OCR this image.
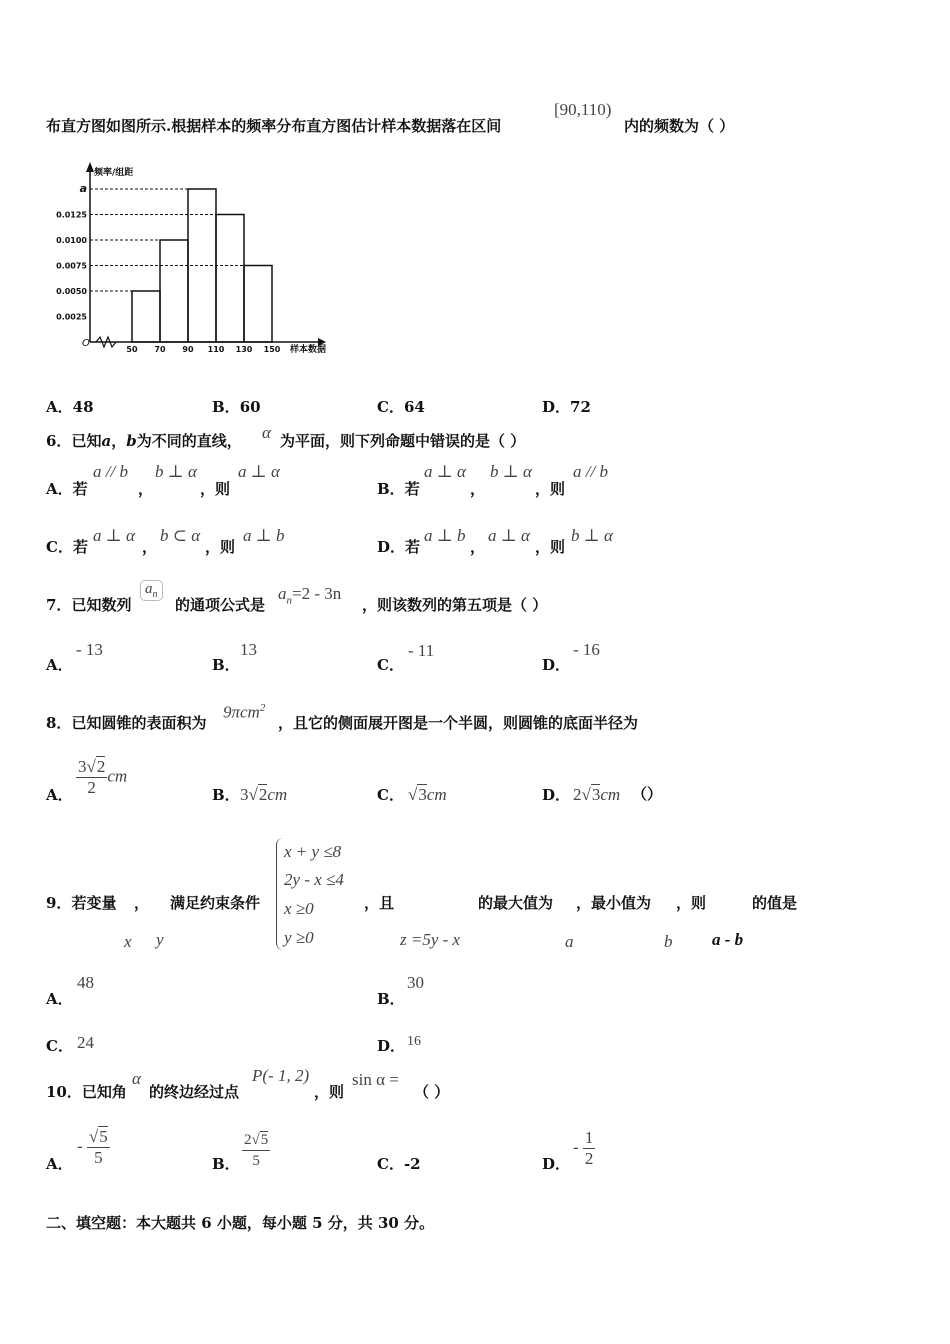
布直方图如图所示.根据样本的频率分布直方图估计样本数据落在区间
[90,110)
内的频数为（ ）
0.0025
0.0050
0.0075
0.0100
0.0125
a
50 70 90 110 130 150
O
频率/组距
样本数据
A．48	B．60	C．64	D．72
6．已知a，b为不同的直线， α 为平面，则下列命题中错误的是（ ）
A．若
a // b
，
b ⊥ α
，则
a ⊥ α
B．若
a ⊥ α
，
b ⊥ α
，则
a // b
C．若
a ⊥ α
，
b ⊂ α
，则
a ⊥ b
D．若
a ⊥ b
，
a ⊥ α
，则
b ⊥ α
7．已知数列
$a_n$
的通项公式是
$a_n=2 - 3n$
，则该数列的第五项是（ ）
A．
- 13
B．
13
C．
- 11
D．
- 16
8．已知圆锥的表面积为
9πcm$^2$
，且它的侧面展开图是一个半圆，则圆锥的底面半径为
A． $\frac{3√2}{2}$ cm
B． 3√2cm	C． √3cm	D． 2√3cm （）
9．若变量 ， 满足约束条件
x + y ≤8
2y - x ≤4
x ≥0
y ≥0
，且	的最大值为 ，最小值为 ，则	的值是
x y	z =5y - x	a	b a - b
A．
48
B．
30
C． 24	D． 16
10．已知角
α
的终边经过点
P(- 1, 2)
，则
sin α =
（ ）
A．
- $\frac{√5}{5}$	B． $\frac{2√5}{5}$	C．-2	D．
- $\frac{1}{2}$
二、填空题：本大题共 6 小题，每小题 5 分，共 30 分。
